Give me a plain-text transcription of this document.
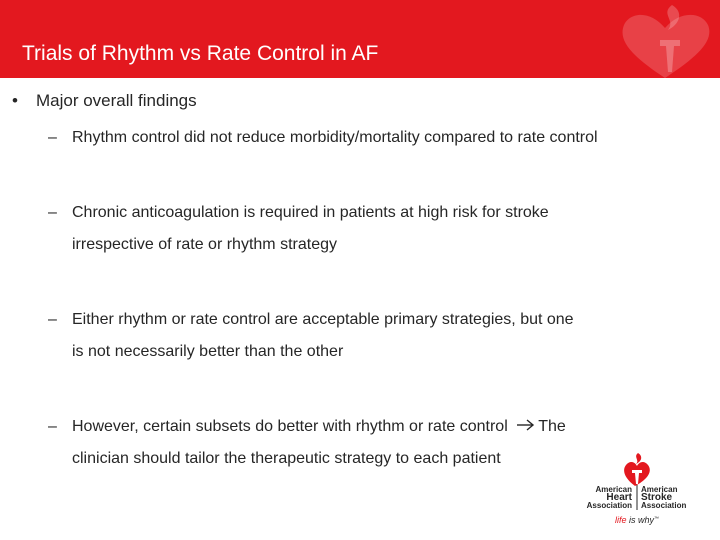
Trials of Rhythm vs Rate Control in AF
• Major overall findings
– Rhythm control did not reduce morbidity/mortality compared to rate control
– Chronic anticoagulation is required in patients at high risk for stroke
irrespective of rate or rhythm strategy
– Either rhythm or rate control are acceptable primary strategies, but one
is not necessarily better than the other
– However, certain subsets do better with rhythm or rate control The
clinician should tailor the therapeutic strategy to each patient
American
Heart
Association
American
Stroke
Association
life is why™
